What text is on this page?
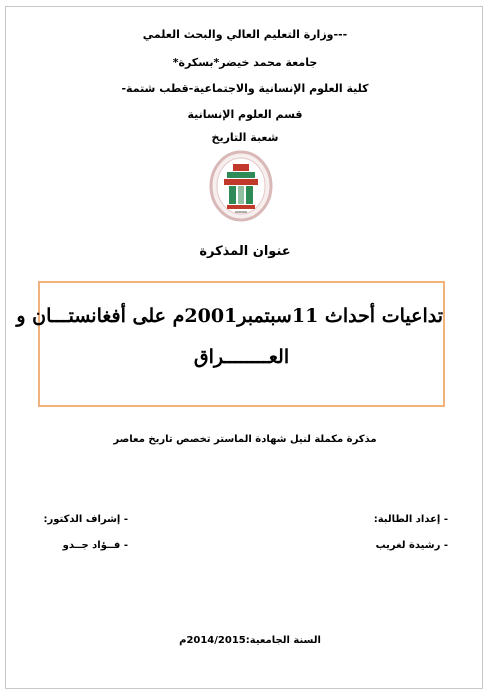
---وزارة التعليم العالي والبحث العلمي
جامعة محمد خيضر*بسكرة*
كلية العلوم الإنسانية والاجتماعية-قطب شتمة-
قسم العلوم الإنسانية
شعبة التاريخ
عنوان المذكرة
تداعيات أحداث 11سبتمبر2001م على أفغانستـــان و
العــــــــراق
مذكرة مكملة لنيل شهادة الماستر تخصص تاريخ معاصر
- إعداد الطالبة:
- رشيدة لغريب
- إشراف الدكتور:
- فــؤاد جــدو
السنة الجامعية:2014/2015م
